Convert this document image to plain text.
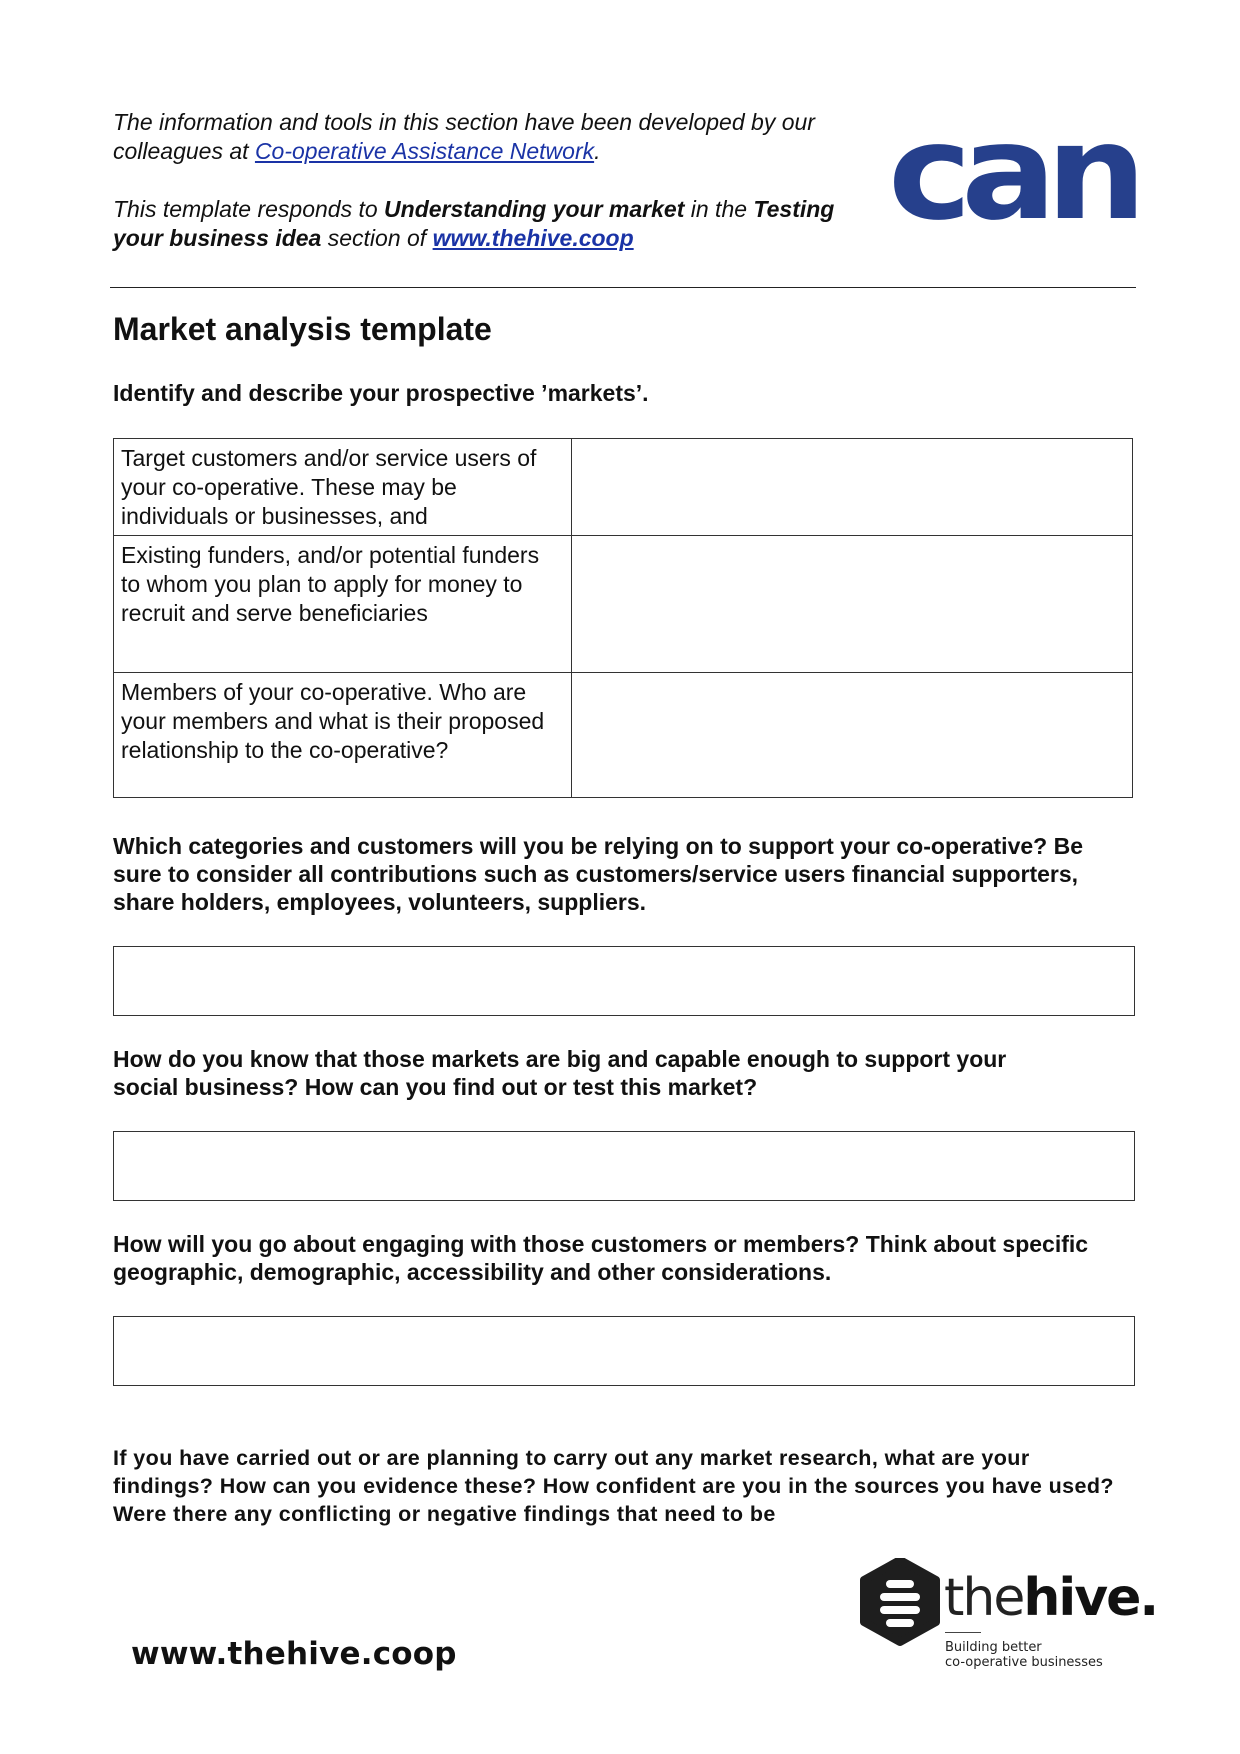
The information and tools in this section have been developed by our colleagues at Co-operative Assistance Network.

This template responds to Understanding your market in the Testing your business idea section of www.thehive.coop	can
Market analysis template

Identify and describe your prospective ’markets’.

Target customers and/or service users of your co-operative. These may be individuals or businesses, and	
Existing funders, and/or potential funders to whom you plan to apply for money to recruit and serve beneficiaries	
Members of your co-operative. Who are your members and what is their proposed relationship to the co-operative?	

Which categories and customers will you be relying on to support your co-operative? Be sure to consider all contributions such as customers/service users financial supporters, share holders, employees, volunteers, suppliers.

How do you know that those markets are big and capable enough to support your social business? How can you find out or test this market?

How will you go about engaging with those customers or members? Think about specific geographic, demographic, accessibility and other considerations.

If you have carried out or are planning to carry out any market research, what are your findings? How can you evidence these? How confident are you in the sources you have used? Were there any conflicting or negative findings that need to be

www.thehive.coop
thehive.
Building better
co-operative businesses
